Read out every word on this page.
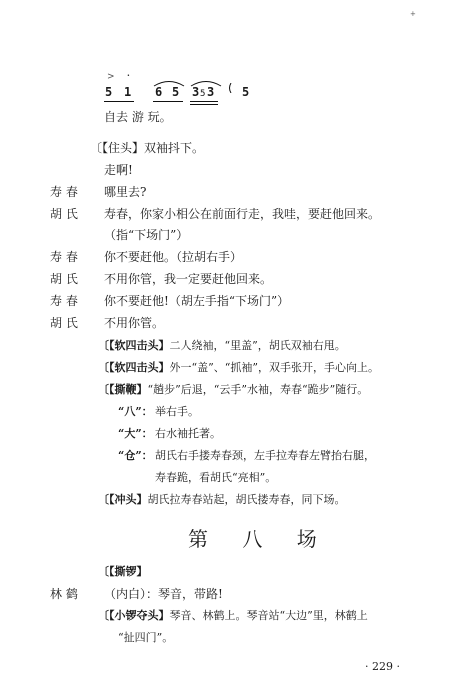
+
> ·
5 1 6 5 3 5 3 5
自去 游 玩。
〔【住头】双袖抖下。
走啊!
寿 春 哪里去?
胡 氏 寿春，你家小相公在前面行走，我哇，要赶他回来。
（指“下场门”）
寿 春 你不要赶他。（拉胡右手）
胡 氏 不用你管，我一定要赶他回来。
寿 春 你不要赶他!（胡左手指“下场门”）
胡 氏 不用你管。
〔【软四击头】二人绕袖，“里盖”，胡氏双袖右甩。
〔【软四击头】外一“盖”、“抓袖”，双手张开，手心向上。
〔【撕鞭】“趟步”后退，“云手”水袖，寿春“跪步”随行。
“八”： 举右手。
“大”： 右水袖托著。
“仓”： 胡氏右手搂寿春颈，左手拉寿春左臂抬右腿，
寿春跪，看胡氏“亮相”。
〔【冲头】胡氏拉寿春站起，胡氏搂寿春，同下场。
第 八 场
〔【撕锣】
林 鹤 （内白）：琴音，带路!
〔【小锣夺头】琴音、林鹤上。琴音站“大边”里，林鹤上
“扯四门”。
· 229 ·
